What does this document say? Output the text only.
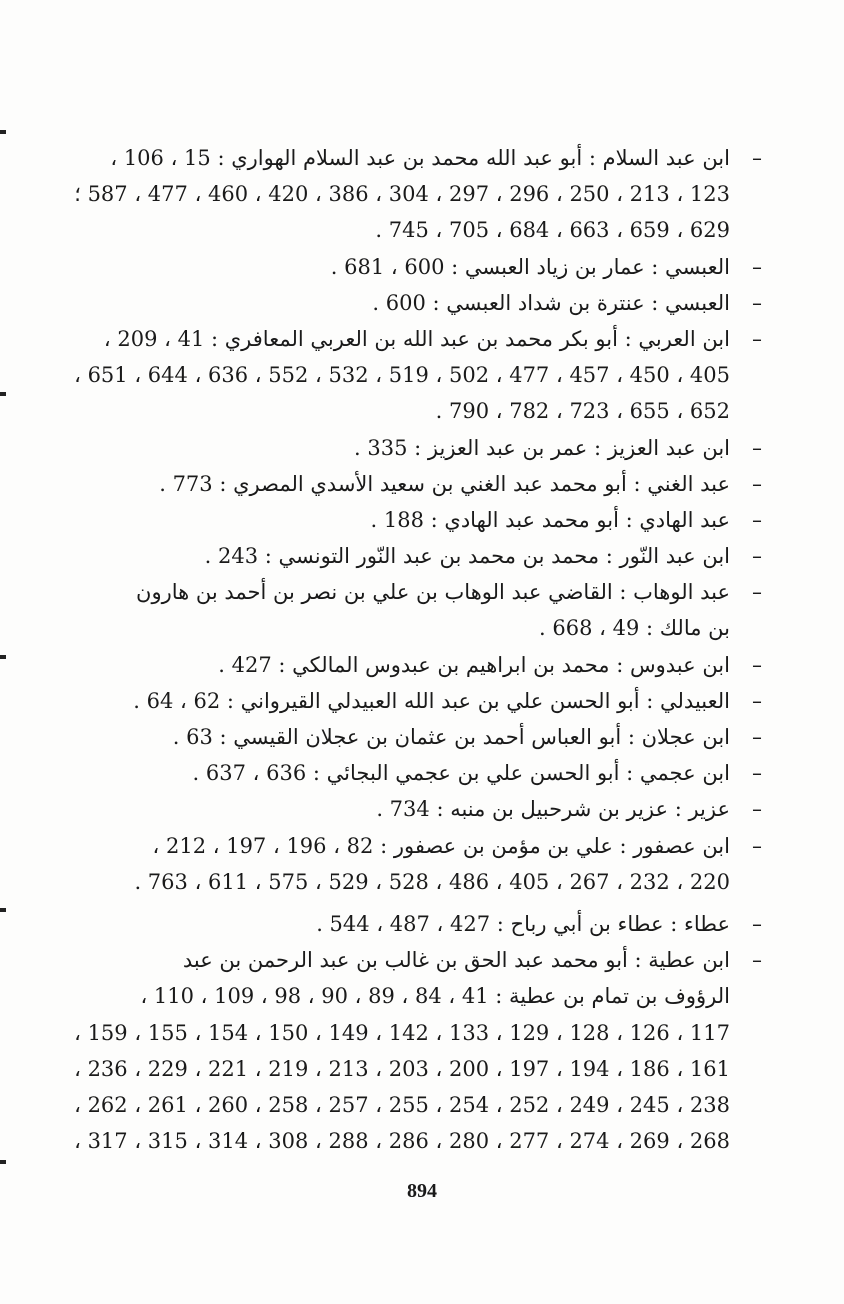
–
ابن عبد السلام : أبو عبد الله محمد بن عبد السلام الهواري : 15 ، 106 ،
123 ، 213 ، 250 ، 296 ، 297 ، 304 ، 386 ، 420 ، 460 ، 477 ، 587 ؛
629 ، 659 ، 663 ، 684 ، 705 ، 745 .
–
العبسي : عمار بن زياد العبسي : 600 ، 681 .
–
العبسي : عنترة بن شداد العبسي : 600 .
–
ابن العربي : أبو بكر محمد بن عبد الله بن العربي المعافري : 41 ، 209 ،
405 ، 450 ، 457 ، 477 ، 502 ، 519 ، 532 ، 552 ، 636 ، 644 ، 651 ،
652 ، 655 ، 723 ، 782 ، 790 .
–
ابن عبد العزيز : عمر بن عبد العزيز : 335 .
–
عبد الغني : أبو محمد عبد الغني بن سعيد الأسدي المصري : 773 .
–
عبد الهادي : أبو محمد عبد الهادي : 188 .
–
ابن عبد النّور : محمد بن محمد بن عبد النّور التونسي : 243 .
–
عبد الوهاب : القاضي عبد الوهاب بن علي بن نصر بن أحمد بن هارون
بن مالك : 49 ، 668 .
–
ابن عبدوس : محمد بن ابراهيم بن عبدوس المالكي : 427 .
–
العبيدلي : أبو الحسن علي بن عبد الله العبيدلي القيرواني : 62 ، 64 .
–
ابن عجلان : أبو العباس أحمد بن عثمان بن عجلان القيسي : 63 .
–
ابن عجمي : أبو الحسن علي بن عجمي البجائي : 636 ، 637 .
–
عزير : عزير بن شرحبيل بن منبه : 734 .
–
ابن عصفور : علي بن مؤمن بن عصفور : 82 ، 196 ، 197 ، 212 ،
220 ، 232 ، 267 ، 405 ، 486 ، 528 ، 529 ، 575 ، 611 ، 763 .
–
عطاء : عطاء بن أبي رباح : 427 ، 487 ، 544 .
–
ابن عطية : أبو محمد عبد الحق بن غالب بن عبد الرحمن بن عبد
الرؤوف بن تمام بن عطية : 41 ، 84 ، 89 ، 90 ، 98 ، 109 ، 110 ،
117 ، 126 ، 128 ، 129 ، 133 ، 142 ، 149 ، 150 ، 154 ، 155 ، 159 ،
161 ، 186 ، 194 ، 197 ، 200 ، 203 ، 213 ، 219 ، 221 ، 229 ، 236 ،
238 ، 245 ، 249 ، 252 ، 254 ، 255 ، 257 ، 258 ، 260 ، 261 ، 262 ،
268 ، 269 ، 274 ، 277 ، 280 ، 286 ، 288 ، 308 ، 314 ، 315 ، 317 ،
894
